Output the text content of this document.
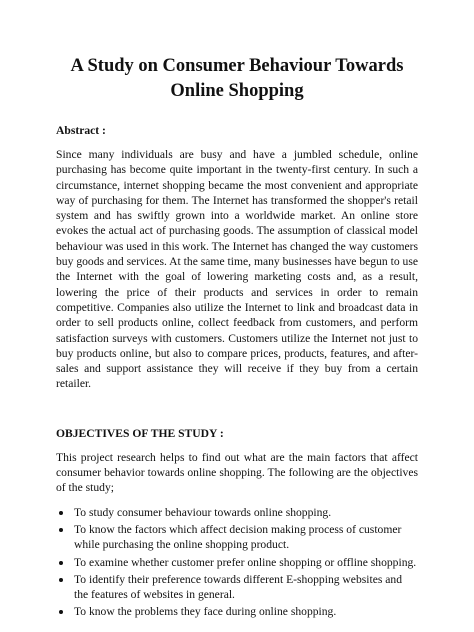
A Study on Consumer Behaviour Towards Online Shopping
Abstract :
Since many individuals are busy and have a jumbled schedule, online purchasing has become quite important in the twenty-first century. In such a circumstance, internet shopping became the most convenient and appropriate way of purchasing for them. The Internet has transformed the shopper's retail system and has swiftly grown into a worldwide market. An online store evokes the actual act of purchasing goods. The assumption of classical model behaviour was used in this work. The Internet has changed the way customers buy goods and services. At the same time, many businesses have begun to use the Internet with the goal of lowering marketing costs and, as a result, lowering the price of their products and services in order to remain competitive. Companies also utilize the Internet to link and broadcast data in order to sell products online, collect feedback from customers, and perform satisfaction surveys with customers. Customers utilize the Internet not just to buy products online, but also to compare prices, products, features, and after-sales and support assistance they will receive if they buy from a certain retailer.
OBJECTIVES OF THE STUDY :
This project research helps to find out what are the main factors that affect consumer behavior towards online shopping. The following are the objectives of the study;
To study consumer behaviour towards online shopping.
To know the factors which affect decision making process of customer while purchasing the online shopping product.
To examine whether customer prefer online shopping or offline shopping.
To identify their preference towards different E-shopping websites and the features of websites in general.
To know the problems they face during online shopping.
